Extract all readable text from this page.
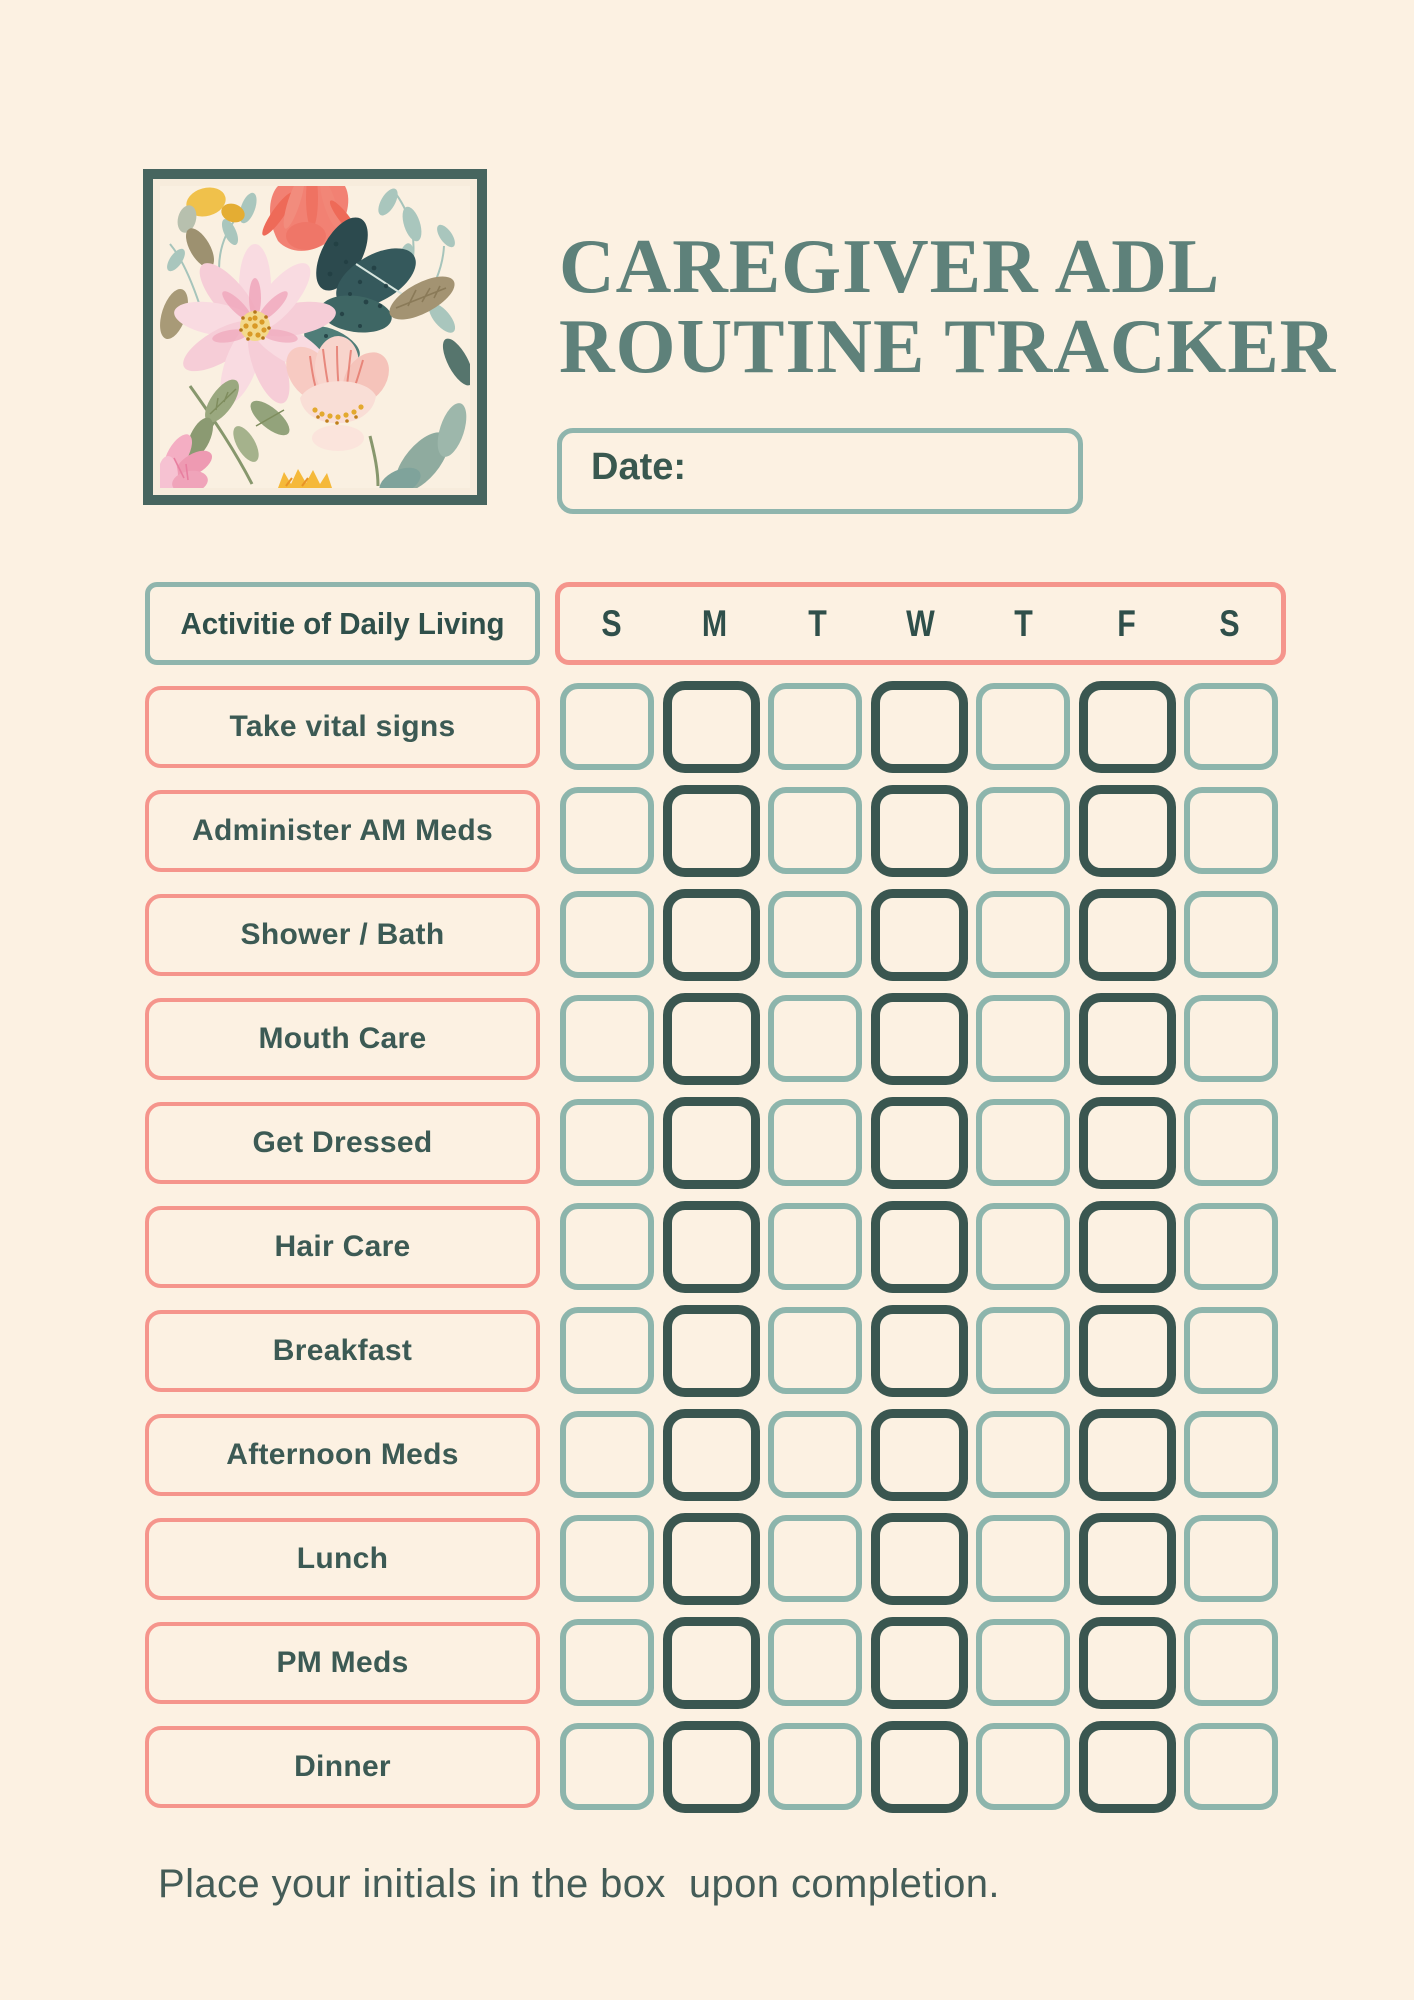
CAREGIVER ADL
ROUTINE TRACKER
Date:
Activitie of Daily Living	S	M	T	W	T	F	S
Take vital signs
Administer AM Meds
Shower / Bath
Mouth Care
Get Dressed
Hair Care
Breakfast
Afternoon Meds
Lunch
PM Meds
Dinner
Place your initials in the box  upon completion.
